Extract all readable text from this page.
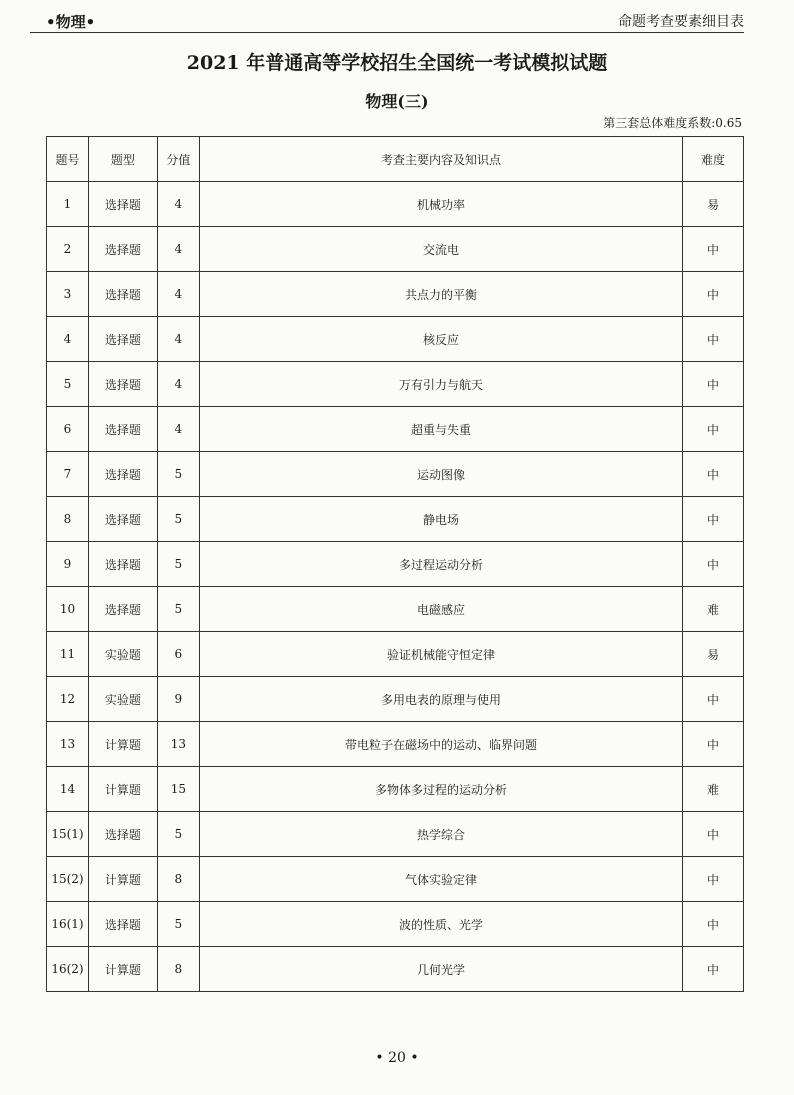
•物理•	命题考查要素细目表
2021 年普通高等学校招生全国统一考试模拟试题
物理(三)
第三套总体难度系数:0.65
题号	题型	分值	考查主要内容及知识点	难度
1	选择题	4	机械功率	易
2	选择题	4	交流电	中
3	选择题	4	共点力的平衡	中
4	选择题	4	核反应	中
5	选择题	4	万有引力与航天	中
6	选择题	4	超重与失重	中
7	选择题	5	运动图像	中
8	选择题	5	静电场	中
9	选择题	5	多过程运动分析	中
10	选择题	5	电磁感应	难
11	实验题	6	验证机械能守恒定律	易
12	实验题	9	多用电表的原理与使用	中
13	计算题	13	带电粒子在磁场中的运动、临界问题	中
14	计算题	15	多物体多过程的运动分析	难
15(1)	选择题	5	热学综合	中
15(2)	计算题	8	气体实验定律	中
16(1)	选择题	5	波的性质、光学	中
16(2)	计算题	8	几何光学	中
• 20 •
